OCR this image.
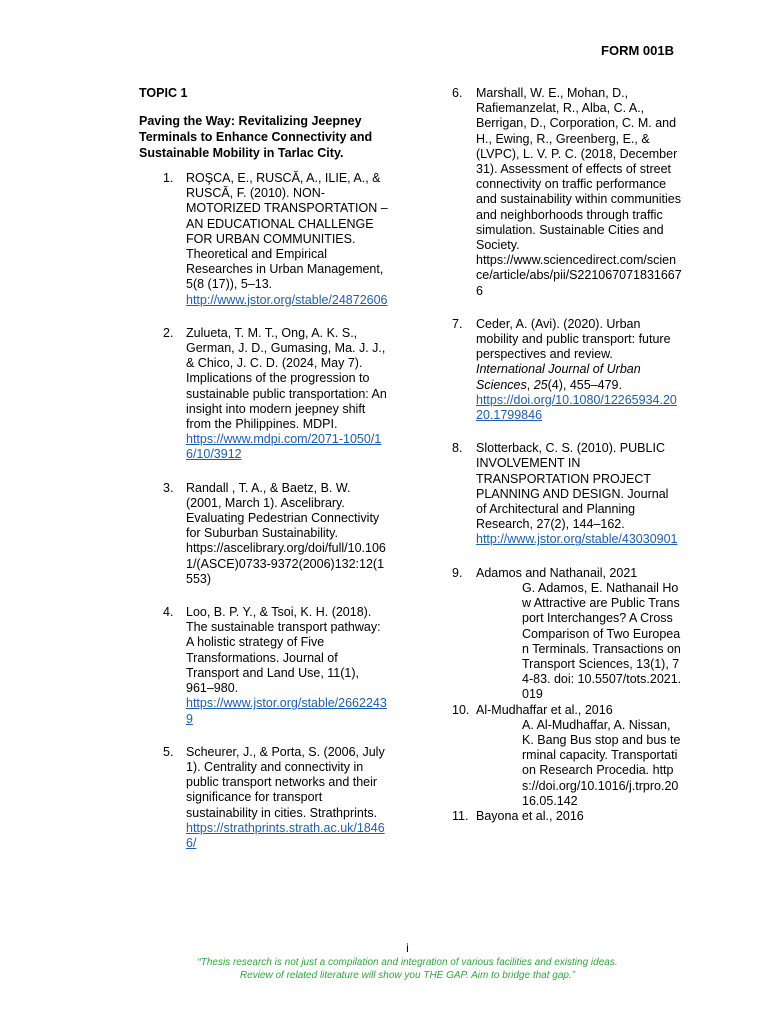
FORM 001B
TOPIC 1
Paving the Way: Revitalizing Jeepney Terminals to Enhance Connectivity and Sustainable Mobility in Tarlac City.
1. ROŞCA, E., RUSCĂ, A., ILIE, A., & RUSCĂ, F. (2010). NON-MOTORIZED TRANSPORTATION – AN EDUCATIONAL CHALLENGE FOR URBAN COMMUNITIES. Theoretical and Empirical Researches in Urban Management, 5(8 (17)), 5–13.
http://www.jstor.org/stable/24872606
2. Zulueta, T. M. T., Ong, A. K. S., German, J. D., Gumasing, Ma. J. J., & Chico, J. C. D. (2024, May 7). Implications of the progression to sustainable public transportation: An insight into modern jeepney shift from the Philippines. MDPI.
https://www.mdpi.com/2071-1050/16/10/3912
3. Randall , T. A., & Baetz, B. W. (2001, March 1). Ascelibrary. Evaluating Pedestrian Connectivity for Suburban Sustainability.
https://ascelibrary.org/doi/full/10.1061/(ASCE)0733-9372(2006)132:12(1553)
4. Loo, B. P. Y., & Tsoi, K. H. (2018). The sustainable transport pathway: A holistic strategy of Five Transformations. Journal of Transport and Land Use, 11(1), 961–980.
https://www.jstor.org/stable/26622439
5. Scheurer, J., & Porta, S. (2006, July 1). Centrality and connectivity in public transport networks and their significance for transport sustainability in cities. Strathprints.
https://strathprints.strath.ac.uk/18466/
6. Marshall, W. E., Mohan, D., Rafiemanzelat, R., Alba, C. A., Berrigan, D., Corporation, C. M. and H., Ewing, R., Greenberg, E., & (LVPC), L. V. P. C. (2018, December 31). Assessment of effects of street connectivity on traffic performance and sustainability within communities and neighborhoods through traffic simulation. Sustainable Cities and Society.
https://www.sciencedirect.com/science/article/abs/pii/S2210670718316676
7. Ceder, A. (Avi). (2020). Urban mobility and public transport: future perspectives and review. International Journal of Urban Sciences, 25(4), 455–479.
https://doi.org/10.1080/12265934.2020.1799846
8. Slotterback, C. S. (2010). PUBLIC INVOLVEMENT IN TRANSPORTATION PROJECT PLANNING AND DESIGN. Journal of Architectural and Planning Research, 27(2), 144–162.
http://www.jstor.org/stable/43030901
9. Adamos and Nathanail, 2021
G. Adamos, E. Nathanail How Attractive are Public Transport Interchanges? A Cross Comparison of Two European Terminals. Transactions on Transport Sciences, 13(1), 74-83. doi: 10.5507/tots.2021.019
10. Al-Mudhaffar et al., 2016
A. Al-Mudhaffar, A. Nissan, K. Bang Bus stop and bus terminal capacity. Transportation Research Procedia. https://doi.org/10.1016/j.trpro.2016.05.142
11. Bayona et al., 2016
i
“Thesis research is not just a compilation and integration of various facilities and existing ideas.
Review of related literature will show you THE GAP. Aim to bridge that gap.”
